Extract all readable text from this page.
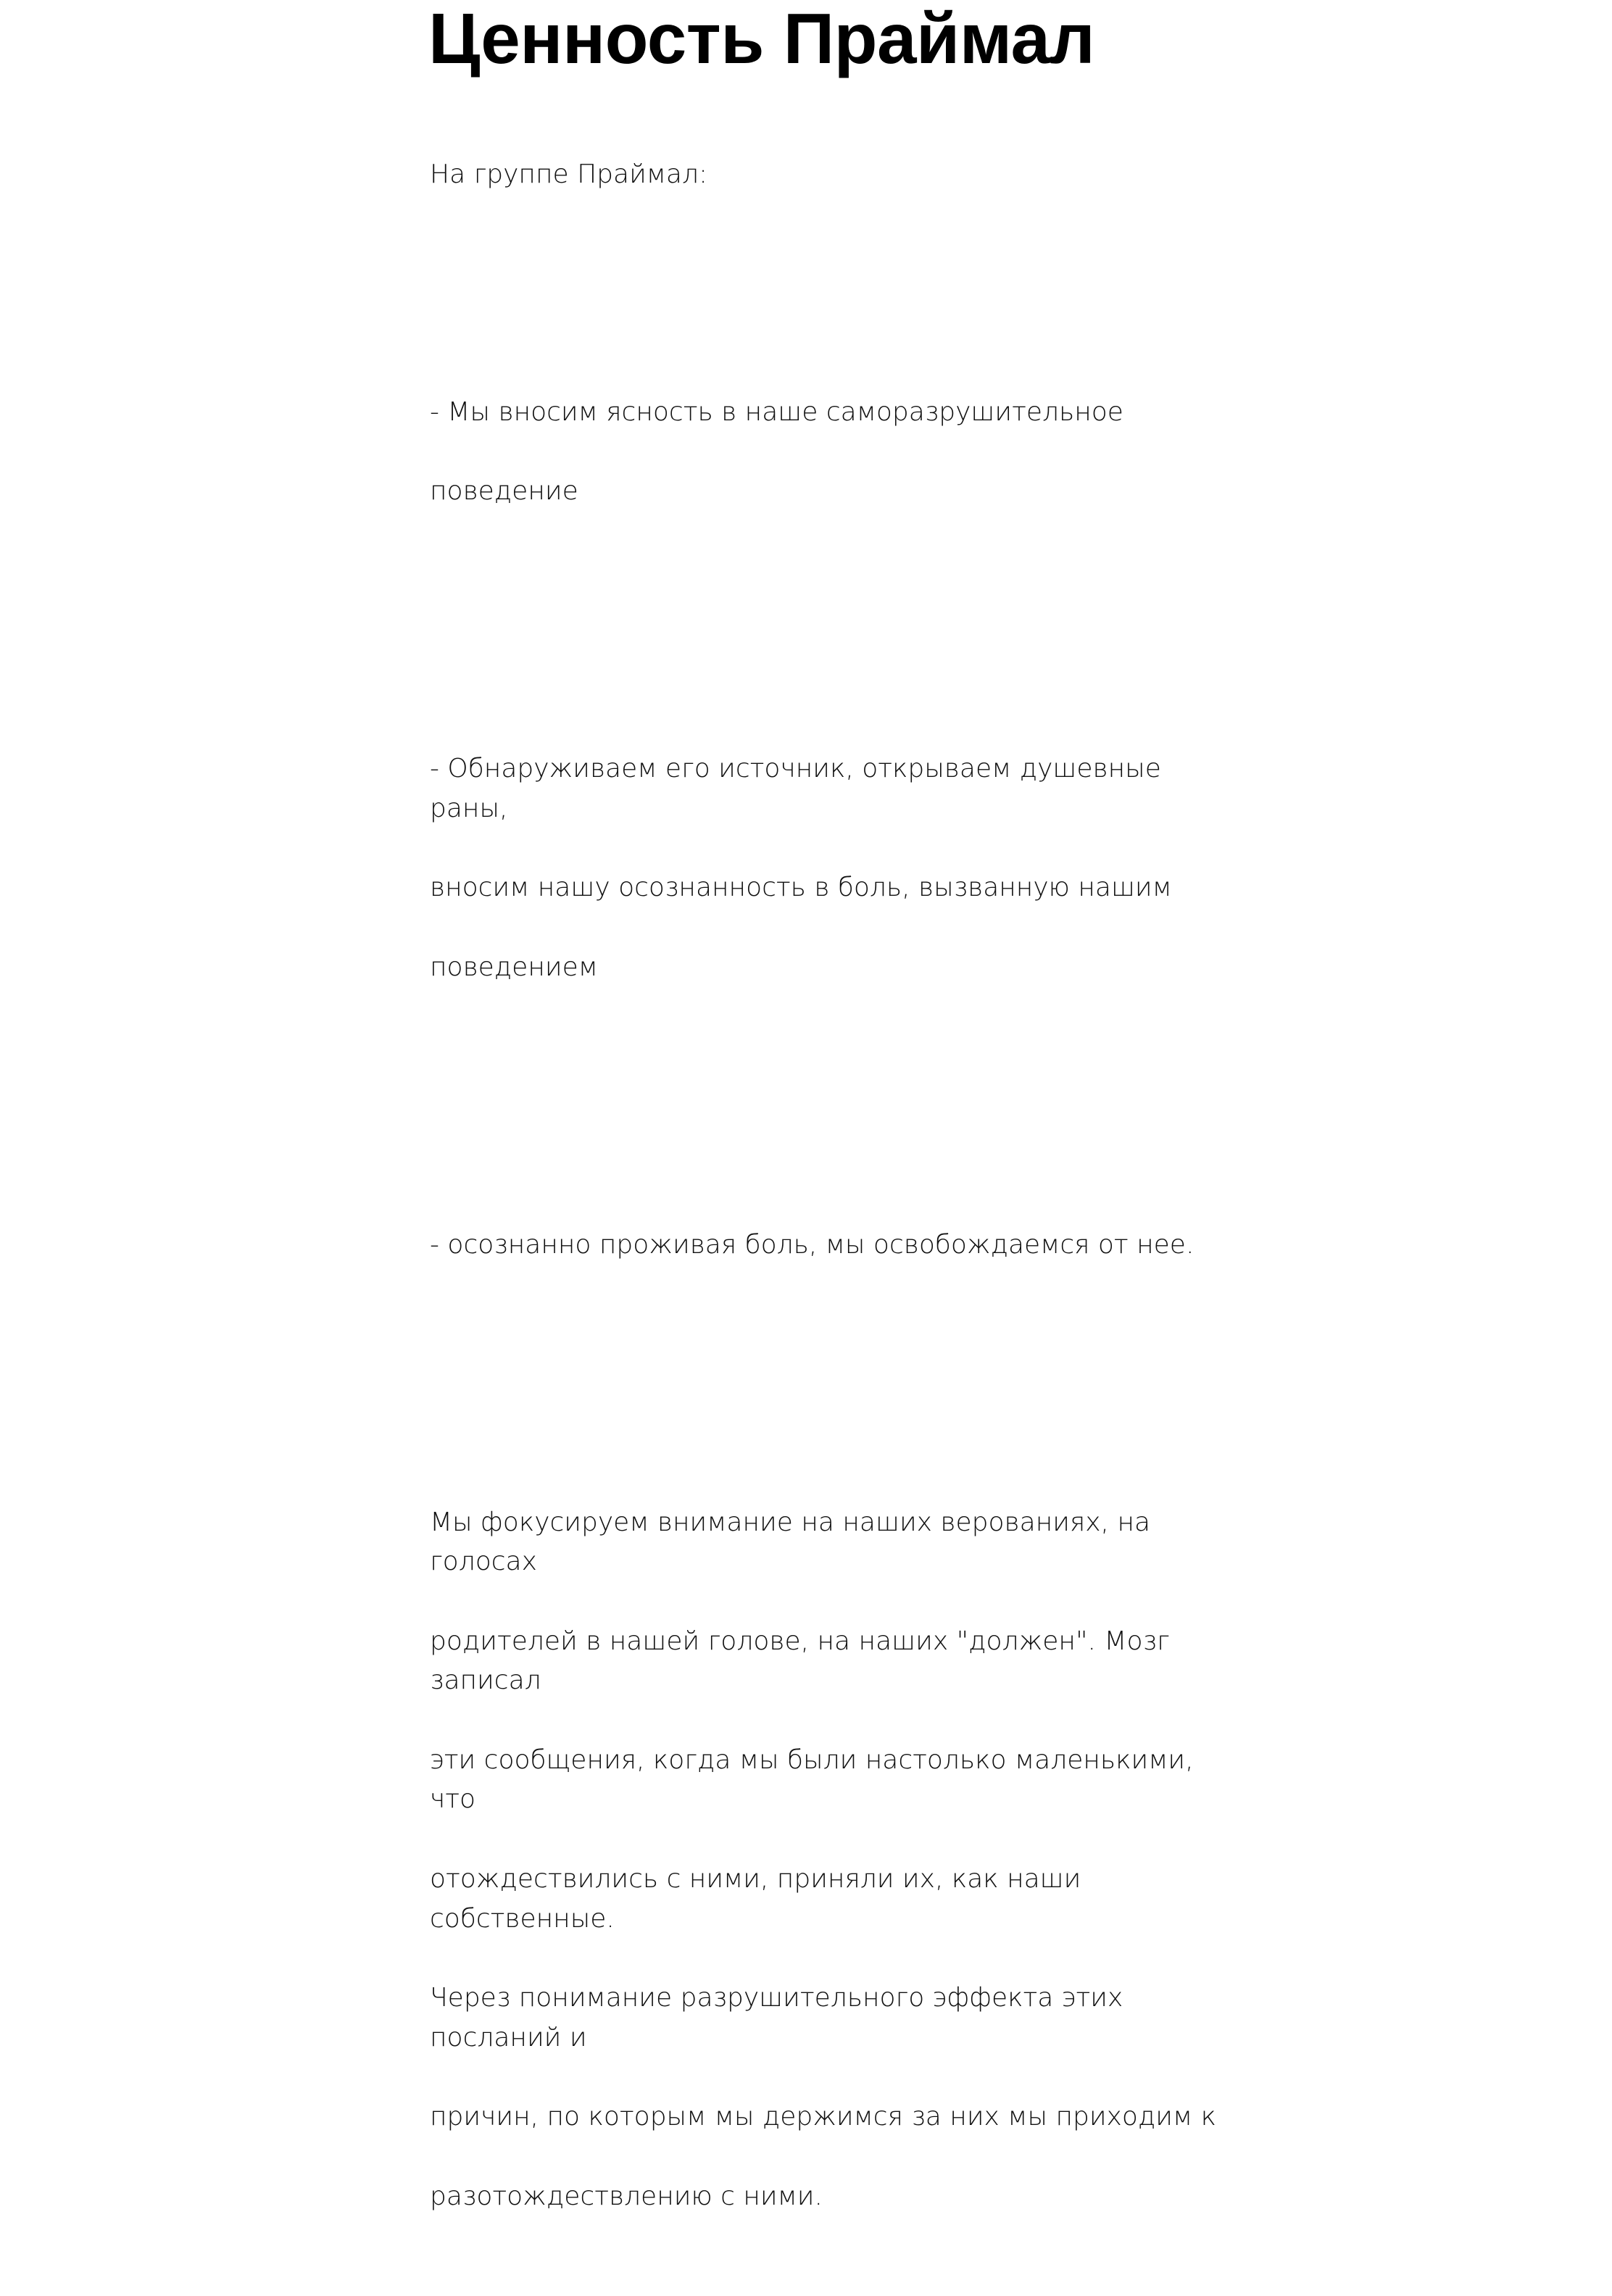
Ценность Праймал

На группе Праймал:

- Мы вносим ясность в наше саморазрушительное

поведение

- Обнаруживаем его источник, открываем душевные раны,

вносим нашу осознанность в боль, вызванную нашим

поведением

- осознанно проживая боль, мы освобождаемся от нее.

Мы фокусируем внимание на наших верованиях, на голосах

родителей в нашей голове, на наших "должен". Мозг записал

эти сообщения, когда мы были настолько маленькими, что

отождествились с ними, приняли их, как наши собственные.

Через понимание разрушительного эффекта этих посланий и

причин, по которым мы держимся за них мы приходим к

разотождествлению с ними.
